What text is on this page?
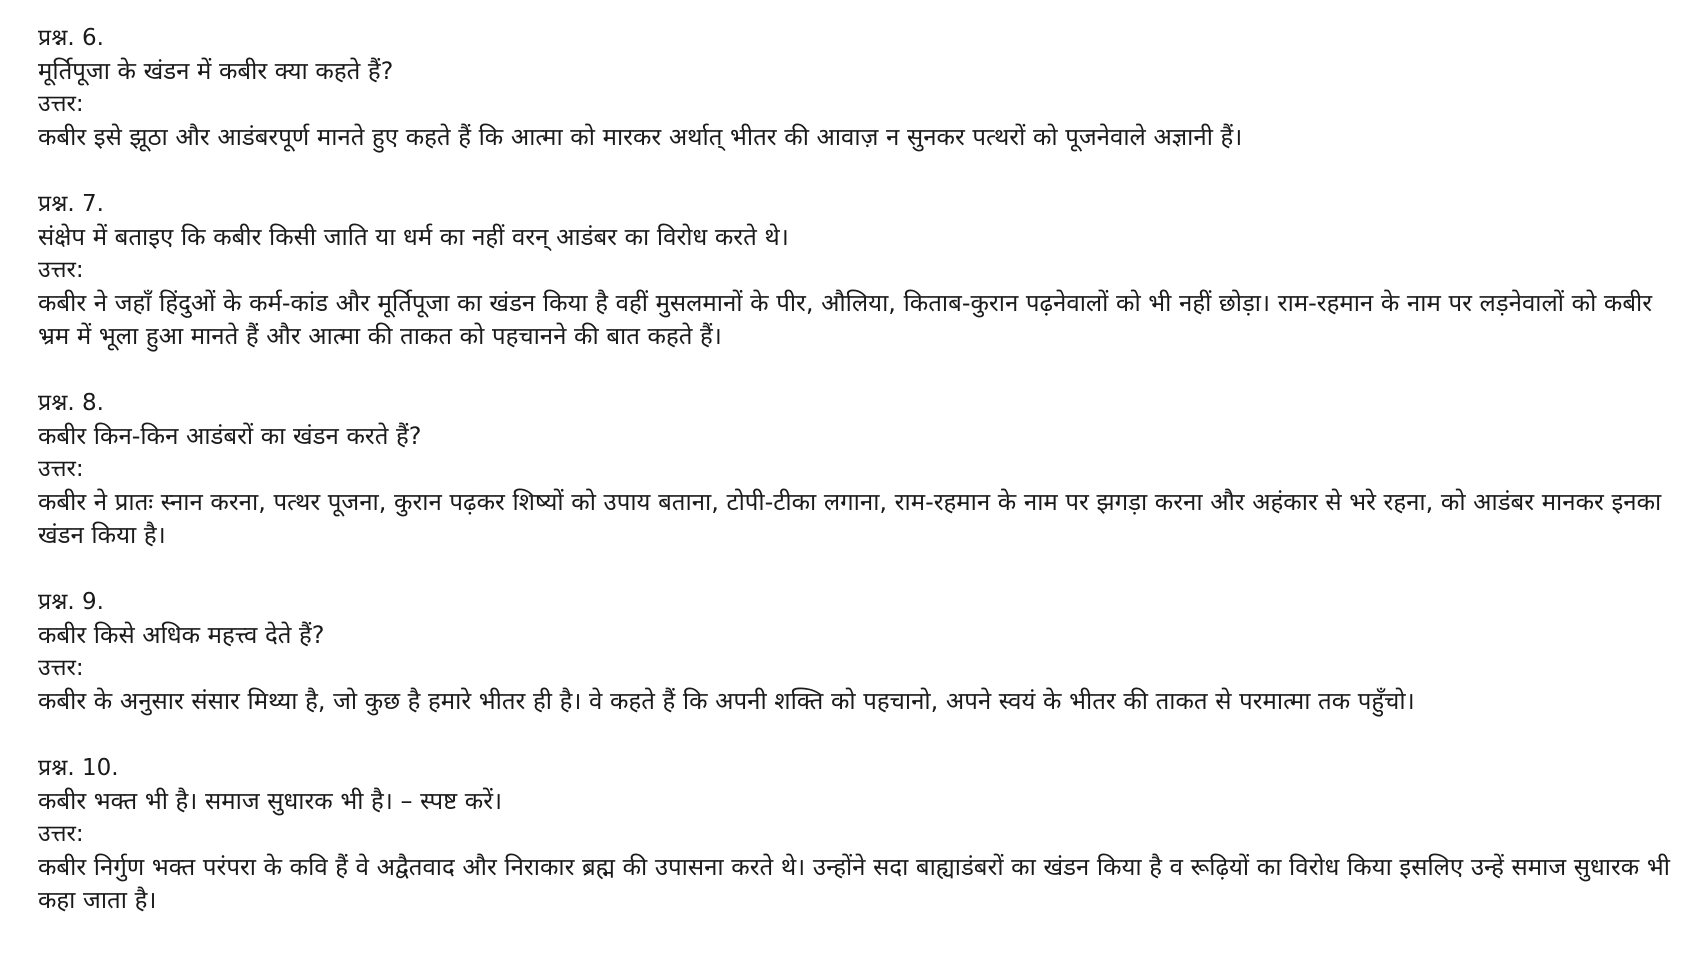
प्रश्न. 6.
मूर्तिपूजा के खंडन में कबीर क्या कहते हैं?
उत्तर:
कबीर इसे झूठा और आडंबरपूर्ण मानते हुए कहते हैं कि आत्मा को मारकर अर्थात् भीतर की आवाज़ न सुनकर पत्थरों को पूजनेवाले अज्ञानी हैं।
प्रश्न. 7.
संक्षेप में बताइए कि कबीर किसी जाति या धर्म का नहीं वरन् आडंबर का विरोध करते थे।
उत्तर:
कबीर ने जहाँ हिंदुओं के कर्म-कांड और मूर्तिपूजा का खंडन किया है वहीं मुसलमानों के पीर, औलिया, किताब-कुरान पढ़नेवालों को भी नहीं छोड़ा। राम-रहमान के नाम पर लड़नेवालों को कबीर भ्रम में भूला हुआ मानते हैं और आत्मा की ताकत को पहचानने की बात कहते हैं।
प्रश्न. 8.
कबीर किन-किन आडंबरों का खंडन करते हैं?
उत्तर:
कबीर ने प्रातः स्नान करना, पत्थर पूजना, कुरान पढ़कर शिष्यों को उपाय बताना, टोपी-टीका लगाना, राम-रहमान के नाम पर झगड़ा करना और अहंकार से भरे रहना, को आडंबर मानकर इनका खंडन किया है।
प्रश्न. 9.
कबीर किसे अधिक महत्त्व देते हैं?
उत्तर:
कबीर के अनुसार संसार मिथ्या है, जो कुछ है हमारे भीतर ही है। वे कहते हैं कि अपनी शक्ति को पहचानो, अपने स्वयं के भीतर की ताकत से परमात्मा तक पहुँचो।
प्रश्न. 10.
कबीर भक्त भी है। समाज सुधारक भी है। – स्पष्ट करें।
उत्तर:
कबीर निर्गुण भक्त परंपरा के कवि हैं वे अद्वैतवाद और निराकार ब्रह्म की उपासना करते थे। उन्होंने सदा बाह्याडंबरों का खंडन किया है व रूढ़ियों का विरोध किया इसलिए उन्हें समाज सुधारक भी कहा जाता है।
